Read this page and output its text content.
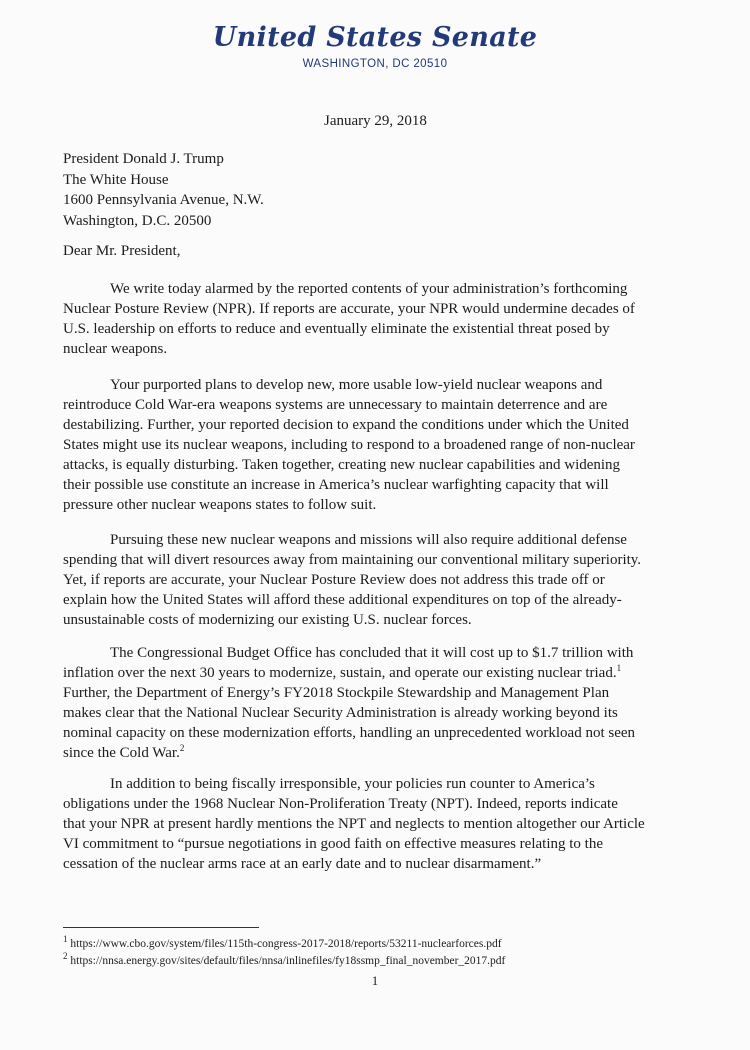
United States Senate
WASHINGTON, DC 20510
January 29, 2018
President Donald J. Trump
The White House
1600 Pennsylvania Avenue, N.W.
Washington, D.C. 20500
Dear Mr. President,
We write today alarmed by the reported contents of your administration’s forthcoming
Nuclear Posture Review (NPR). If reports are accurate, your NPR would undermine decades of
U.S. leadership on efforts to reduce and eventually eliminate the existential threat posed by
nuclear weapons.
Your purported plans to develop new, more usable low-yield nuclear weapons and
reintroduce Cold War-era weapons systems are unnecessary to maintain deterrence and are
destabilizing. Further, your reported decision to expand the conditions under which the United
States might use its nuclear weapons, including to respond to a broadened range of non-nuclear
attacks, is equally disturbing. Taken together, creating new nuclear capabilities and widening
their possible use constitute an increase in America’s nuclear warfighting capacity that will
pressure other nuclear weapons states to follow suit.
Pursuing these new nuclear weapons and missions will also require additional defense
spending that will divert resources away from maintaining our conventional military superiority.
Yet, if reports are accurate, your Nuclear Posture Review does not address this trade off or
explain how the United States will afford these additional expenditures on top of the already-
unsustainable costs of modernizing our existing U.S. nuclear forces.
The Congressional Budget Office has concluded that it will cost up to $1.7 trillion with
inflation over the next 30 years to modernize, sustain, and operate our existing nuclear triad.$^1$
Further, the Department of Energy’s FY2018 Stockpile Stewardship and Management Plan
makes clear that the National Nuclear Security Administration is already working beyond its
nominal capacity on these modernization efforts, handling an unprecedented workload not seen
since the Cold War.$^2$
In addition to being fiscally irresponsible, your policies run counter to America’s
obligations under the 1968 Nuclear Non-Proliferation Treaty (NPT). Indeed, reports indicate
that your NPR at present hardly mentions the NPT and neglects to mention altogether our Article
VI commitment to “pursue negotiations in good faith on effective measures relating to the
cessation of the nuclear arms race at an early date and to nuclear disarmament.”
$^1$ https://www.cbo.gov/system/files/115th-congress-2017-2018/reports/53211-nuclearforces.pdf
$^2$ https://nnsa.energy.gov/sites/default/files/nnsa/inlinefiles/fy18ssmp_final_november_2017.pdf
1
